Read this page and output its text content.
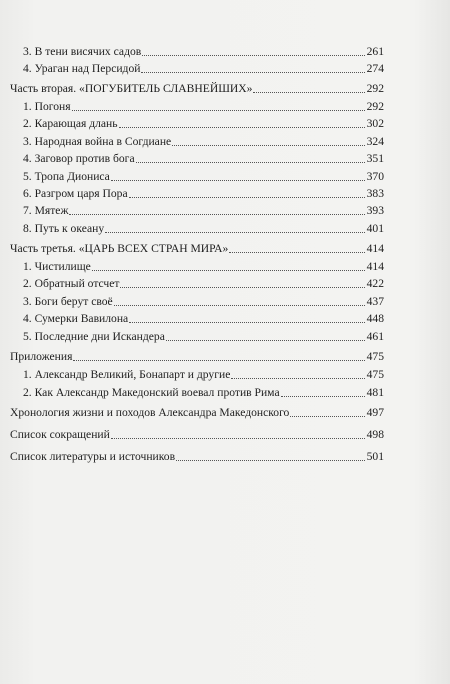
3. В тени висячих садов	261
4. Ураган над Персидой	274
Часть вторая. «ПОГУБИТЕЛЬ СЛАВНЕЙШИХ»	292
1. Погоня	292
2. Карающая длань	302
3. Народная война в Согдиане	324
4. Заговор против бога	351
5. Тропа Диониса	370
6. Разгром царя Пора	383
7. Мятеж	393
8. Путь к океану	401
Часть третья. «ЦАРЬ ВСЕХ СТРАН МИРА»	414
1. Чистилище	414
2. Обратный отсчет	422
3. Боги берут своё	437
4. Сумерки Вавилона	448
5. Последние дни Искандера	461
Приложения	475
1. Александр Великий, Бонапарт и другие	475
2. Как Александр Македонский воевал против Рима	481
Хронология жизни и походов Александра Македонского	497
Список сокращений	498
Список литературы и источников	501
